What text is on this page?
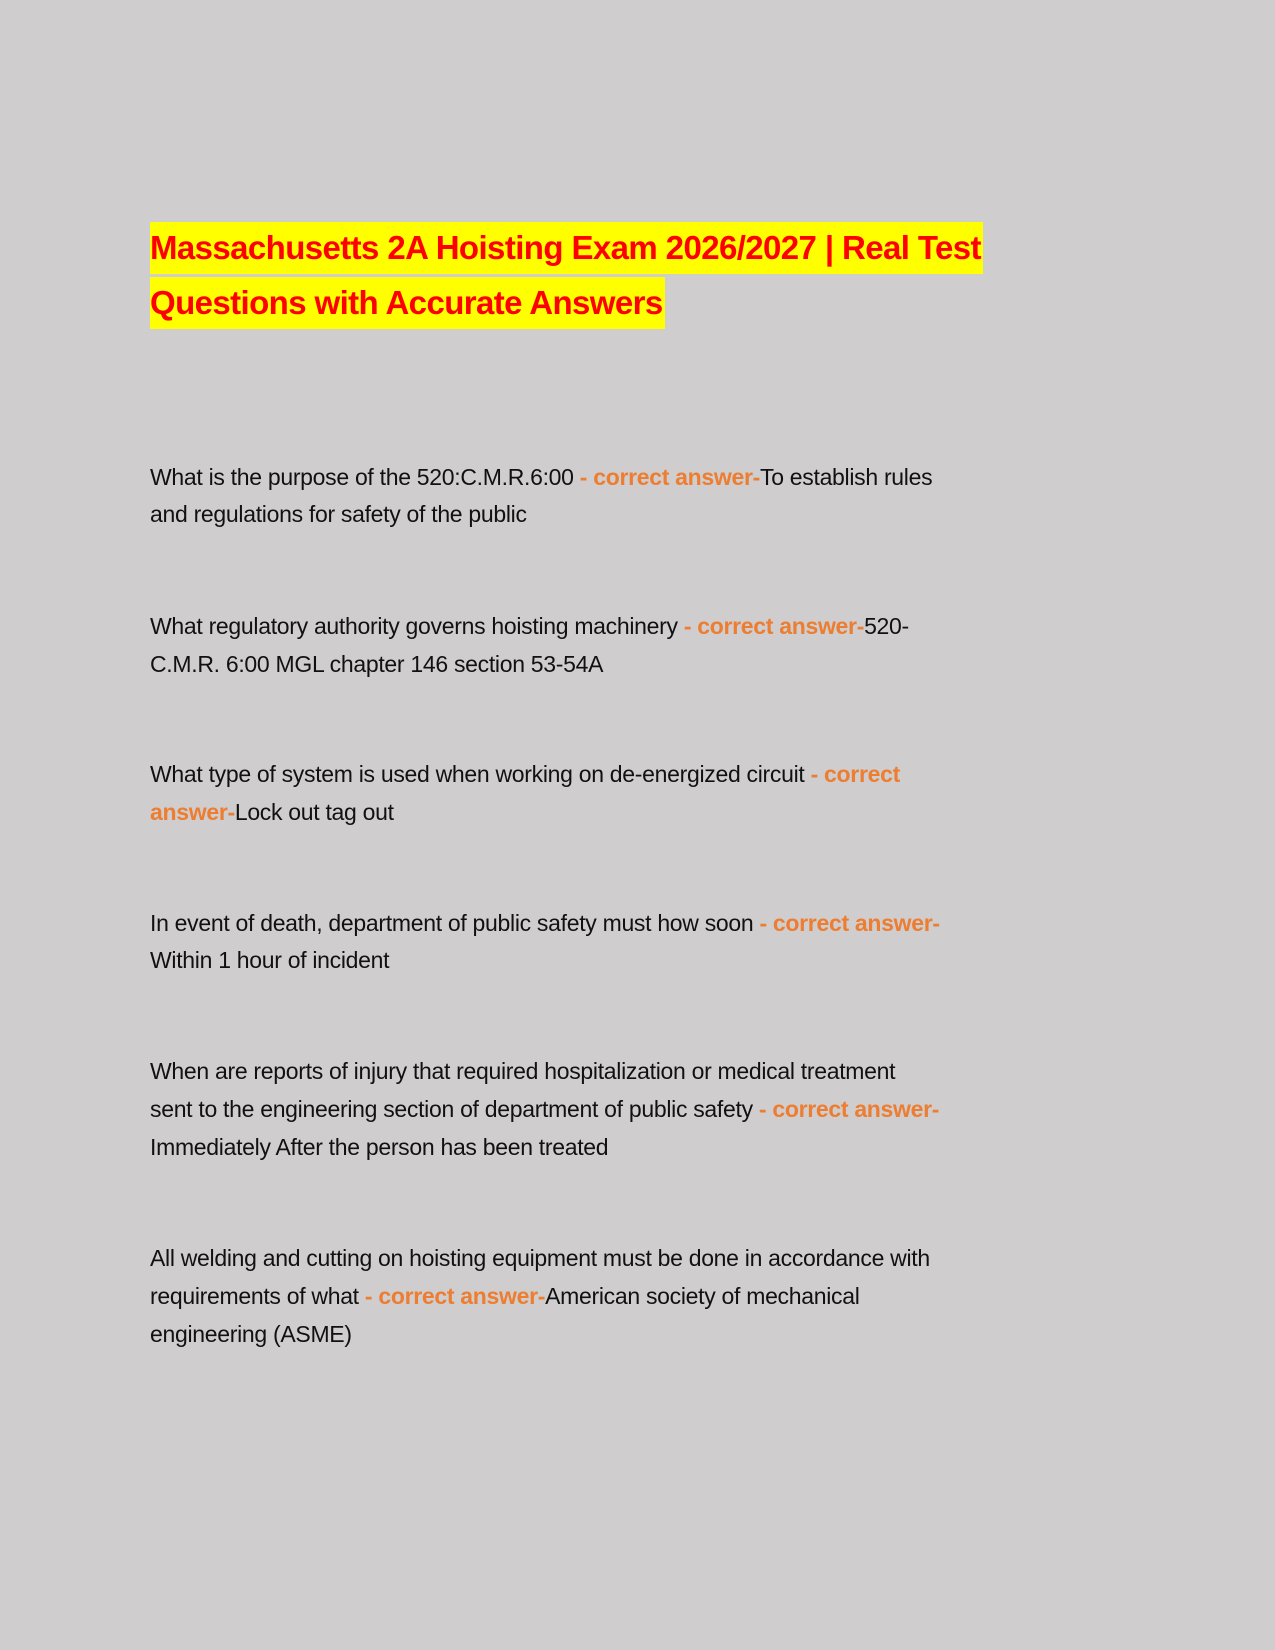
Massachusetts 2A Hoisting Exam 2026/2027 | Real Test
Questions with Accurate Answers
What is the purpose of the 520:C.M.R.6:00 - correct answer-To establish rules
and regulations for safety of the public
What regulatory authority governs hoisting machinery - correct answer-520-
C.M.R. 6:00 MGL chapter 146 section 53-54A
What type of system is used when working on de-energized circuit - correct
answer-Lock out tag out
In event of death, department of public safety must how soon - correct answer-
Within 1 hour of incident
When are reports of injury that required hospitalization or medical treatment
sent to the engineering section of department of public safety - correct answer-
Immediately After the person has been treated
All welding and cutting on hoisting equipment must be done in accordance with
requirements of what - correct answer-American society of mechanical
engineering (ASME)
